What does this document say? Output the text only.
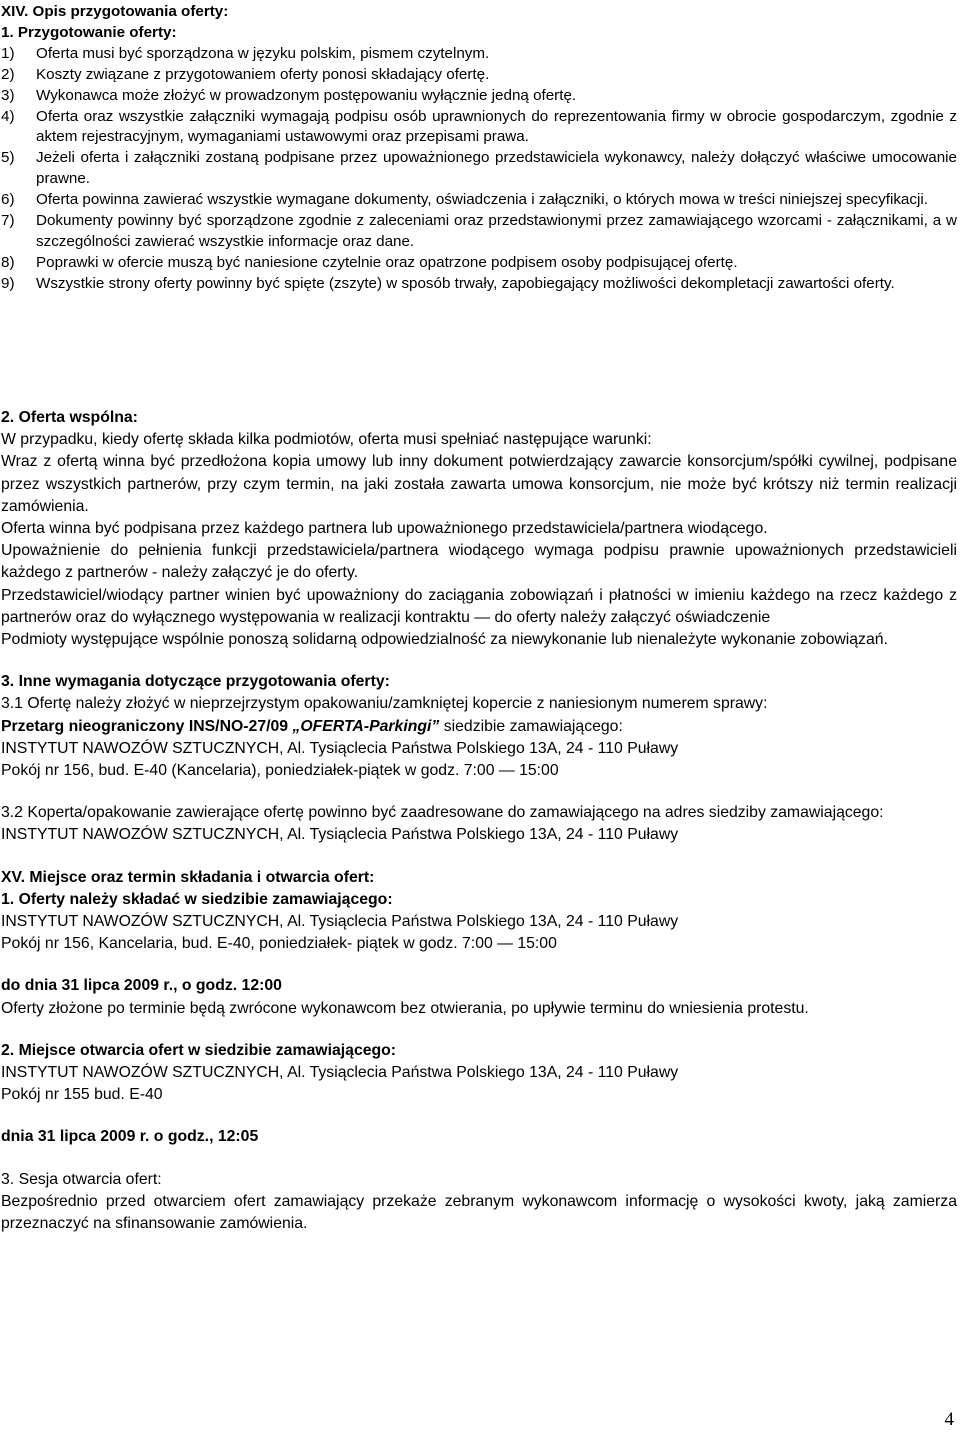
XIV. Opis przygotowania oferty:
1. Przygotowanie oferty:
1)	Oferta musi być sporządzona w języku polskim, pismem czytelnym.
2)	Koszty związane z przygotowaniem oferty ponosi składający ofertę.
3)	Wykonawca może złożyć w prowadzonym postępowaniu wyłącznie jedną ofertę.
4)	Oferta oraz wszystkie załączniki wymagają podpisu osób uprawnionych do reprezentowania firmy w obrocie gospodarczym, zgodnie z aktem rejestracyjnym, wymaganiami ustawowymi oraz przepisami prawa.
5)	Jeżeli oferta i załączniki zostaną podpisane przez upoważnionego przedstawiciela wykonawcy, należy dołączyć właściwe umocowanie prawne.
6)	Oferta powinna zawierać wszystkie wymagane dokumenty, oświadczenia i załączniki, o których mowa w treści niniejszej specyfikacji.
7)	Dokumenty powinny być sporządzone zgodnie z zaleceniami oraz przedstawionymi przez zamawiającego wzorcami - załącznikami, a w szczególności zawierać wszystkie informacje oraz dane.
8)	Poprawki w ofercie muszą być naniesione czytelnie oraz opatrzone podpisem osoby podpisującej ofertę.
9)	Wszystkie strony oferty powinny być spięte (zszyte) w sposób trwały, zapobiegający możliwości dekompletacji zawartości oferty.
2. Oferta wspólna:

W przypadku, kiedy ofertę składa kilka podmiotów, oferta musi spełniać następujące warunki:

Wraz z ofertą winna być przedłożona kopia umowy lub inny dokument potwierdzający zawarcie konsorcjum/spółki cywilnej, podpisane przez wszystkich partnerów, przy czym termin, na jaki została zawarta umowa konsorcjum, nie może być krótszy niż termin realizacji zamówienia.

Oferta winna być podpisana przez każdego partnera lub upoważnionego przedstawiciela/partnera wiodącego.

Upoważnienie do pełnienia funkcji przedstawiciela/partnera wiodącego wymaga podpisu prawnie upoważnionych przedstawicieli każdego z partnerów - należy załączyć je do oferty.

Przedstawiciel/wiodący partner winien być upoważniony do zaciągania zobowiązań i płatności w imieniu każdego na rzecz każdego z partnerów oraz do wyłącznego występowania w realizacji kontraktu — do oferty należy załączyć oświadczenie

Podmioty występujące wspólnie ponoszą solidarną odpowiedzialność za niewykonanie lub nienależyte wykonanie zobowiązań.

3. Inne wymagania dotyczące przygotowania oferty:

3.1 Ofertę należy złożyć w nieprzejrzystym opakowaniu/zamkniętej kopercie z naniesionym numerem sprawy:

Przetarg nieograniczony INS/NO-27/09 „OFERTA-Parkingi” siedzibie zamawiającego:

INSTYTUT NAWOZÓW SZTUCZNYCH, Al. Tysiąclecia Państwa Polskiego 13A, 24 - 110 Puławy

Pokój nr 156, bud. E-40 (Kancelaria), poniedziałek-piątek w godz. 7:00 — 15:00

3.2 Koperta/opakowanie zawierające ofertę powinno być zaadresowane do zamawiającego na adres siedziby zamawiającego:

INSTYTUT NAWOZÓW SZTUCZNYCH, Al. Tysiąclecia Państwa Polskiego 13A, 24 - 110 Puławy

XV. Miejsce oraz termin składania i otwarcia ofert:
1. Oferty należy składać w siedzibie zamawiającego:

INSTYTUT NAWOZÓW SZTUCZNYCH, Al. Tysiąclecia Państwa Polskiego 13A, 24 - 110 Puławy

Pokój nr 156, Kancelaria, bud. E-40, poniedziałek- piątek w godz. 7:00 — 15:00

do dnia 31 lipca 2009 r., o godz. 12:00

Oferty złożone po terminie będą zwrócone wykonawcom bez otwierania, po upływie terminu do wniesienia protestu.

2. Miejsce otwarcia ofert w siedzibie zamawiającego:

INSTYTUT NAWOZÓW SZTUCZNYCH, Al. Tysiąclecia Państwa Polskiego 13A, 24 - 110 Puławy

Pokój nr 155 bud. E-40

dnia 31 lipca 2009 r. o godz., 12:05
3. Sesja otwarcia ofert:

Bezpośrednio przed otwarciem ofert zamawiający przekaże zebranym wykonawcom informację o wysokości kwoty, jaką zamierza przeznaczyć na sfinansowanie zamówienia.

4
